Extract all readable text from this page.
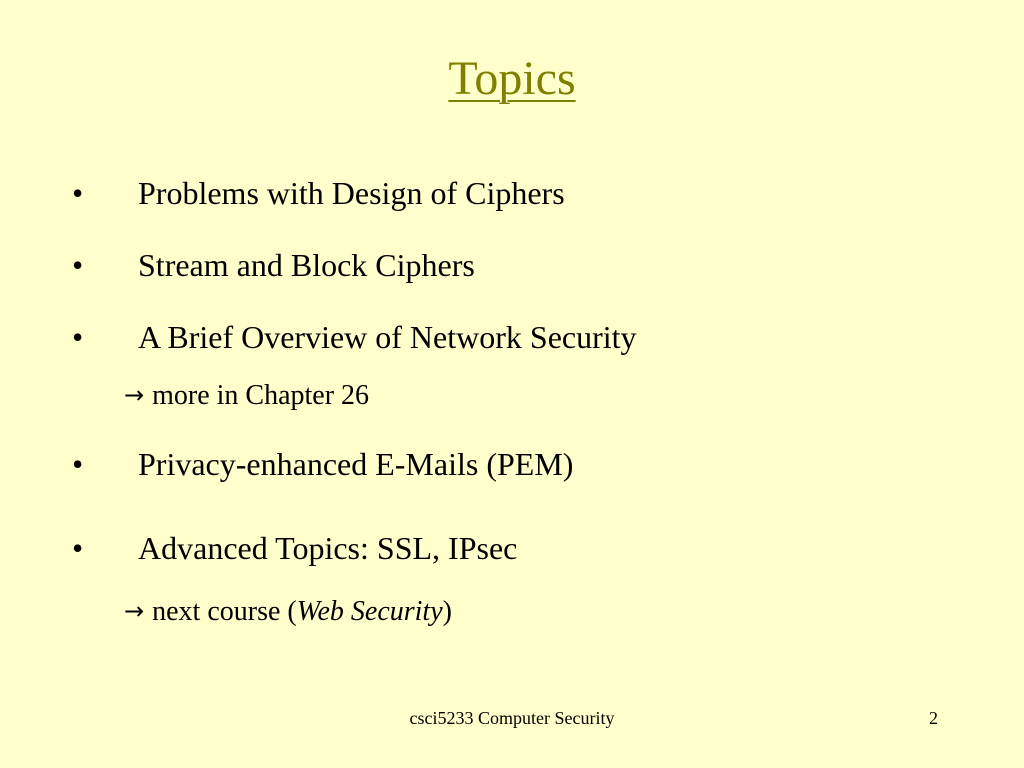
Topics
• Problems with Design of Ciphers
• Stream and Block Ciphers
• A Brief Overview of Network Security
→ more in Chapter 26
• Privacy-enhanced E-Mails (PEM)
• Advanced Topics: SSL, IPsec
→ next course (Web Security)
csci5233 Computer Security	2
